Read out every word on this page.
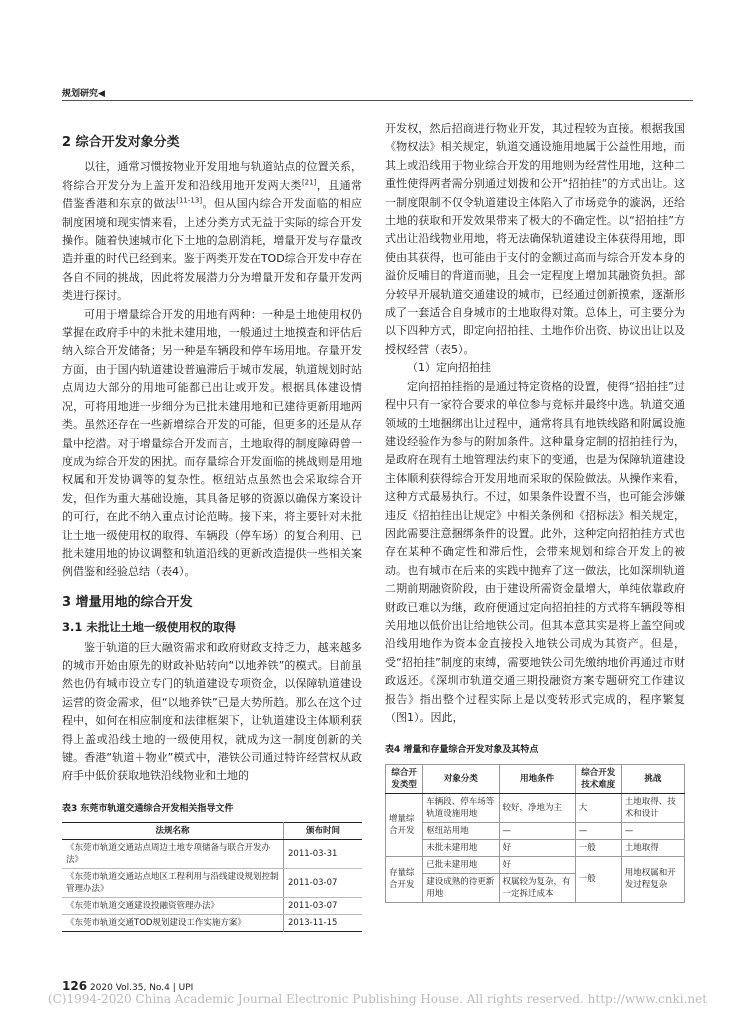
规划研究◀
2 综合开发对象分类

以往，通常习惯按物业开发用地与轨道站点的位置关系，将综合开发分为上盖开发和沿线用地开发两大类[21]，且通常借鉴香港和东京的做法[11-13]。但从国内综合开发面临的相应制度困境和现实情来看，上述分类方式无益于实际的综合开发操作。随着快速城市化下土地的急剧消耗，增量开发与存量改造并重的时代已经到来。鉴于两类开发在TOD综合开发中存在各自不同的挑战，因此将发展潜力分为增量开发和存量开发两类进行探讨。

可用于增量综合开发的用地有两种：一种是土地使用权仍掌握在政府手中的未批未建用地，一般通过土地摸查和评估后纳入综合开发储备；另一种是车辆段和停车场用地。存量开发方面，由于国内轨道建设普遍滞后于城市发展，轨道规划时站点周边大部分的用地可能都已出让或开发。根据具体建设情况，可将用地进一步细分为已批未建用地和已建待更新用地两类。虽然还存在一些新增综合开发的可能，但更多的还是从存量中挖潜。对于增量综合开发而言，土地取得的制度障碍曾一度成为综合开发的困扰。而存量综合开发面临的挑战则是用地权属和开发协调等的复杂性。枢纽站点虽然也会采取综合开发，但作为重大基础设施，其具备足够的资源以确保方案设计的可行，在此不纳入重点讨论范畴。接下来，将主要针对未批让土地一级使用权的取得、车辆段（停车场）的复合利用、已批未建用地的协议调整和轨道沿线的更新改造提供一些相关案例借鉴和经验总结（表4）。

3 增量用地的综合开发
3.1 未批让土地一级使用权的取得

鉴于轨道的巨大融资需求和政府财政支持乏力，越来越多的城市开始由原先的财政补贴转向“以地养铁”的模式。目前虽然也仍有城市设立专门的轨道建设专项资金，以保障轨道建设运营的资金需求，但“以地养铁”已是大势所趋。那么在这个过程中，如何在相应制度和法律框架下，让轨道建设主体顺利获得上盖或沿线土地的一级使用权，就成为这一制度创新的关键。香港“轨道＋物业”模式中，港铁公司通过特许经营权从政府手中低价获取地铁沿线物业和土地的

表3 东莞市轨道交通综合开发相关指导文件
法规名称	颁布时间
《东莞市轨道交通站点周边土地专项储备与联合开发办法》	2011-03-31
《东莞市轨道交通站点地区工程利用与沿线建设规划控制管理办法》	2011-03-07
《东莞市轨道交通建设投融资管理办法》	2011-03-07
《东莞市轨道交通TOD规划建设工作实施方案》	2013-11-15

开发权，然后招商进行物业开发，其过程较为直接。根据我国《物权法》相关规定，轨道交通设施用地属于公益性用地，而其上或沿线用于物业综合开发的用地则为经营性用地，这种二重性使得两者需分别通过划拨和公开“招拍挂”的方式出让。这一制度限制不仅令轨道建设主体陷入了市场竞争的漩涡，还给土地的获取和开发效果带来了极大的不确定性。以“招拍挂”方式出让沿线物业用地，将无法确保轨道建设主体获得用地，即使由其获得，也可能由于支付的金额过高而与综合开发本身的溢价反哺目的背道而驰，且会一定程度上增加其融资负担。部分较早开展轨道交通建设的城市，已经通过创新摸索，逐渐形成了一套适合自身城市的土地取得对策。总体上，可主要分为以下四种方式，即定向招拍挂、土地作价出资、协议出让以及授权经营（表5）。

（1）定向招拍挂

定向招拍挂指的是通过特定资格的设置，使得“招拍挂”过程中只有一家符合要求的单位参与竞标并最终中选。轨道交通领域的土地捆绑出让过程中，通常将具有地铁线路和附属设施建设经验作为参与的附加条件。这种量身定制的招拍挂行为，是政府在现有土地管理法约束下的变通，也是为保障轨道建设主体顺利获得综合开发用地而采取的保险做法。从操作来看，这种方式最易执行。不过，如果条件设置不当，也可能会涉嫌违反《招拍挂出让规定》中相关条例和《招标法》相关规定，因此需要注意捆绑条件的设置。此外，这种定向招拍挂方式也存在某种不确定性和滞后性，会带来规划和综合开发上的被动。也有城市在后来的实践中抛弃了这一做法，比如深圳轨道二期前期融资阶段，由于建设所需资金量增大，单纯依靠政府财政已难以为继，政府便通过定向招拍挂的方式将车辆段等相关用地以低价出让给地铁公司。但其本意其实是将上盖空间或沿线用地作为资本金直接投入地铁公司成为其资产。但是，受“招拍挂”制度的束缚，需要地铁公司先缴纳地价再通过市财政返还。《深圳市轨道交通三期投融资方案专题研究工作建议报告》指出整个过程实际上是以变转形式完成的，程序繁复（图1）。因此，

表4 增量和存量综合开发对象及其特点
综合开发类型	对象分类	用地条件	综合开发技术难度	挑战
增量综合开发	车辆段、停车场等轨道设施用地	较好，净地为主	大	土地取得、技术和设计
	枢纽站用地	—	—	—
	未批未建用地	好	一般	土地取得
存量综合开发	已批未建用地	好	一般	用地权属和开发过程复杂
	建设成熟的待更新用地	权属较为复杂，有一定拆迁成本		
126 2020 Vol.35, No.4 | UPI
(C)1994-2020 China Academic Journal Electronic Publishing House. All rights reserved. http://www.cnki.net
